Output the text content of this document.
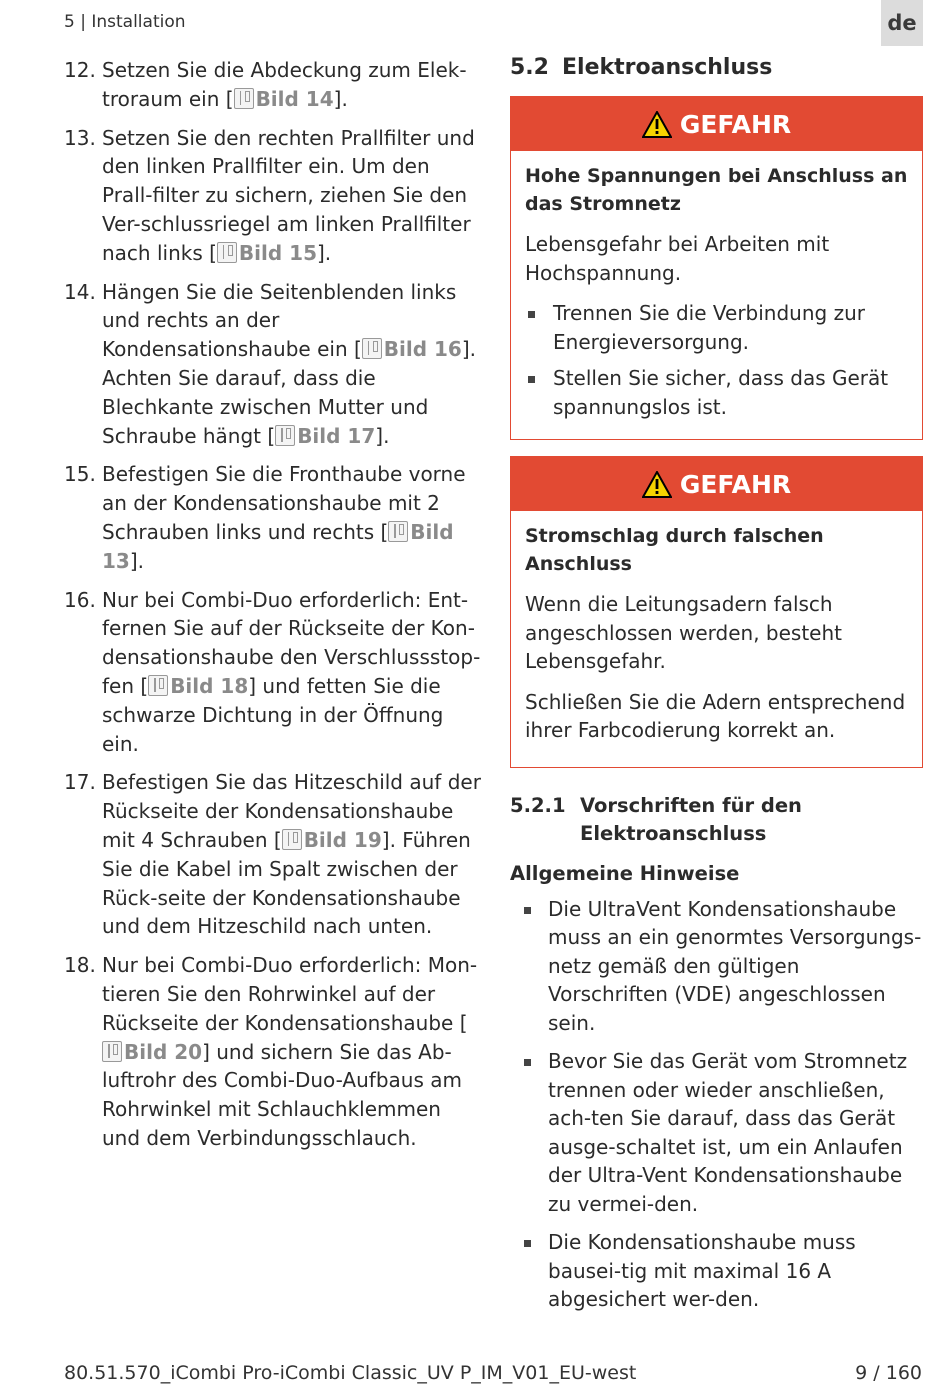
5 | Installation	de
12. Setzen Sie die Abdeckung zum Elek-troraum ein [ Bild 14].
13. Setzen Sie den rechten Prallfilter und den linken Prallfilter ein. Um den Prall-filter zu sichern, ziehen Sie den Ver-schlussriegel am linken Prallfilter nach links [ Bild 15].
14. Hängen Sie die Seitenblenden links und rechts an der Kondensationshaube ein [ Bild 16]. Achten Sie darauf, dass die Blechkante zwischen Mutter und Schraube hängt [ Bild 17].
15. Befestigen Sie die Fronthaube vorne an der Kondensationshaube mit 2 Schrauben links und rechts [ Bild 13].
16. Nur bei Combi-Duo erforderlich: Ent-fernen Sie auf der Rückseite der Kon-densationshaube den Verschlussstop-fen [ Bild 18] und fetten Sie die schwarze Dichtung in der Öffnung ein.
17. Befestigen Sie das Hitzeschild auf der Rückseite der Kondensationshaube mit 4 Schrauben [ Bild 19]. Führen Sie die Kabel im Spalt zwischen der Rück-seite der Kondensationshaube und dem Hitzeschild nach unten.
18. Nur bei Combi-Duo erforderlich: Mon-tieren Sie den Rohrwinkel auf der Rückseite der Kondensationshaube [Bild 20] und sichern Sie das Ab-luftrohr des Combi-Duo-Aufbaus am Rohrwinkel mit Schlauchklemmen und dem Verbindungsschlauch.
5.2 Elektroanschluss
GEFAHR
Hohe Spannungen bei Anschluss an das Stromnetz

Lebensgefahr bei Arbeiten mit Hochspannung.

Trennen Sie die Verbindung zur Energieversorgung.
Stellen Sie sicher, dass das Gerät spannungslos ist.
GEFAHR
Stromschlag durch falschen Anschluss

Wenn die Leitungsadern falsch angeschlossen werden, besteht Lebensgefahr.

Schließen Sie die Adern entsprechend ihrer Farbcodierung korrekt an.

5.2.1 Vorschriften für den Elektroanschluss
Allgemeine Hinweise
Die UltraVent Kondensationshaube muss an ein genormtes Versorgungs-netz gemäß den gültigen Vorschriften (VDE) angeschlossen sein.
Bevor Sie das Gerät vom Stromnetz trennen oder wieder anschließen, ach-ten Sie darauf, dass das Gerät ausge-schaltet ist, um ein Anlaufen der Ultra-Vent Kondensationshaube zu vermei-den.
Die Kondensationshaube muss bausei-tig mit maximal 16 A abgesichert wer-den.
80.51.570_iCombi Pro-iCombi Classic_UV P_IM_V01_EU-west	9 / 160
